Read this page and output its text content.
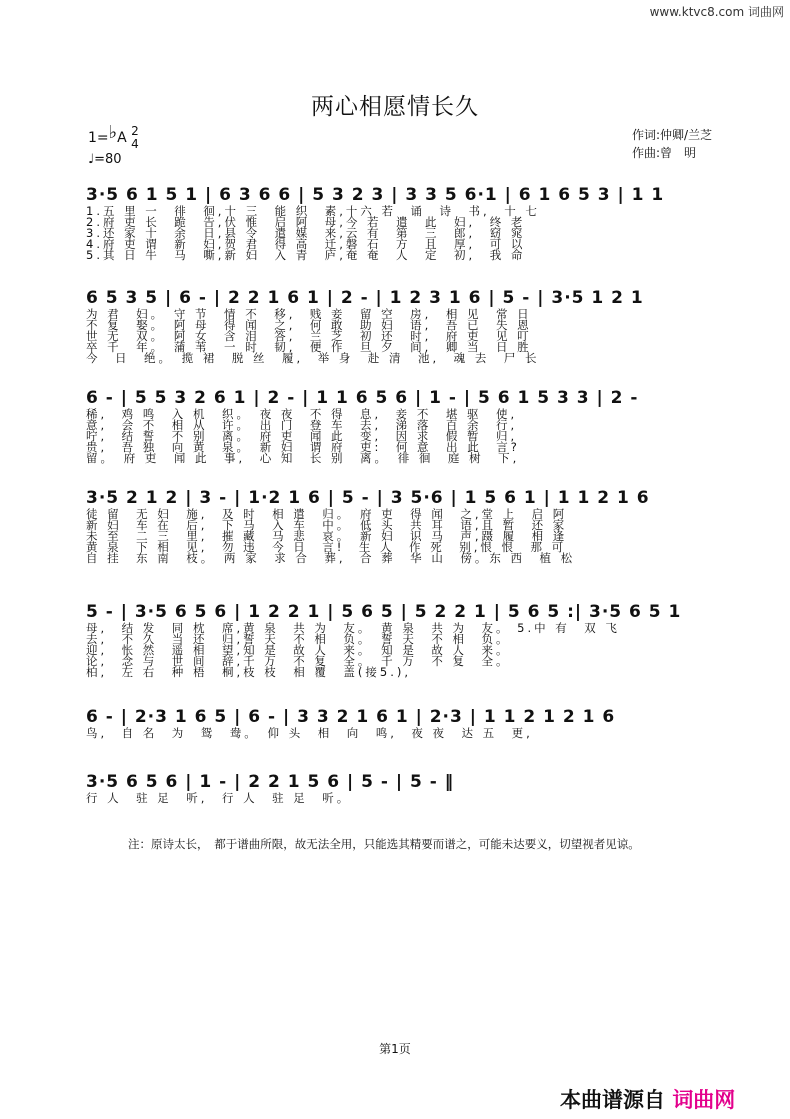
www.ktvc8.com 词曲网
两心相愿情长久
1=♭A 2
4
♩=80
作词:仲卿/兰芝
作曲:曾　明
3·5 6 1 5 1 | 6 3 6 6 | 5 3 2 3 | 3 3 5 6·1 | 6 1 6 5 3 | 1 1
1.五 里 一　徘　徊,十 三　能 织　素,十六 若　诵　诗　书,　十 七
2.府 吏 长　跪　告,伏 惟　启 阿　母,今 若　遣　此　妇,　终 老
3.还 家 十　余　日,县 令　遣 媒　来,云 有　第　三　郎,　窈 窕
4.府 吏 谓　新　妇,贺 君　得 高　迁,磐 石　方　且　厚,　可 以
5.其 日 牛　马　嘶,新 妇　入 青　庐,奄 奄　人　定　初,　我 命
6 5 3 5 | 6 - | 2 2 1 6 1 | 2 - | 1 2 3 1 6 | 5 - | 3·5 1 2 1
为 君　妇。　守 节　情 不　移,　贱 妾　留 空　房,　相 见　常 日
不 复　娶。　阿 母　得 闻　之,　何 敢　助 妇　语,　吾 已　失 恩
世 无　双。　阿 女　含 泪　答,　兰 芝　初 还　时,　府 吏　见 叮
卒 千　年。　蒲 苇　一 时　韧,　便 作　旦 夕　间,　卿 当　日 胜
今　日　绝。　揽 裙　脱 丝　履,　举 身　赴 清　池,　魂 去　尸 长
6 - | 5 5 3 2 6 1 | 2 - | 1 1 6 5 6 | 1 - | 5 6 1 5 3 3 | 2 -
稀,　鸡 鸣　入 机　织。　夜 夜　不 得　息,　妾 不　堪 驱　使,
意,　会 不　相 从　许。　出 门　登 车　去,　涕 落　百 余　行,
咛,　结 誓　不 别　离。　府 吏　闻 此　变,　因 求　假 暂　归,
贵,　吾 独　向 黄　泉。　新 妇　谓 府　吏:　何 意　出 此　言?
留。　府 吏　闻 此　事,　心 知　长 别　离。　徘 徊　庭 树　下,
3·5 2 1 2 | 3 - | 1·2 1 6 | 5 - | 3 5·6 | 1 5 6 1 | 1 1 2 1 6
徒 留　无 妇　施,　及 时　相 遣　归。　府 吏　得 闻　之,堂 上　启 阿
新 妇　车 在　后,　下 马　入 车　中。　低 头　共 耳　语,且 暂　还 家
未 至　二 三　里,　摧 藏　马 悲　哀。　新 妇　识 马　声,蹑 履　相 逢
黄 泉　下 相　见,　勿 违　今 日　言!　生 人　作 死　别,恨 恨　那 可
自 挂　东 南　枝。　两 家　求 合　葬,　合 葬　华 山　傍。东 西　植 松
5 - | 3·5 6 5 6 | 1 2 2 1 | 5 6 5 | 5 2 2 1 | 5 6 5 :| 3·5 6 5 1
母,　结 发　同 枕　席,黄 泉　共 为　友。　黄 泉　共 为　友。 5.中 有　双 飞
去,　不 久　当 还　归,誓 天　不 相　负。　誓 天　不 相　负。
迎,　怅 然　遥 相　望,知 是　故 人　来。　知 是　故 人　来。
论,　念 与　世 间　辞,千 万　不 复　全。　千 万　不 复　全。
柏,　左 右　种 梧　桐,枝 枝　相 覆　盖(接5.),
6 - | 2·3 1 6 5 | 6 - | 3 3 2 1 6 1 | 2·3 | 1 1 2 1 2 1 6
鸟,　自 名　为　鸳　鸯。　仰 头　相　向　鸣,　夜 夜　达 五　更,
3·5 6 5 6 | 1 - | 2 2 1 5 6 | 5 - | 5 - ‖
行 人　驻 足　听,　行 人　驻 足　听。
注：原诗太长，　都于谱曲所限，故无法全用，只能选其精要而谱之，可能未达要义，切望视者见谅。
第1页
本曲谱源自 词曲网
